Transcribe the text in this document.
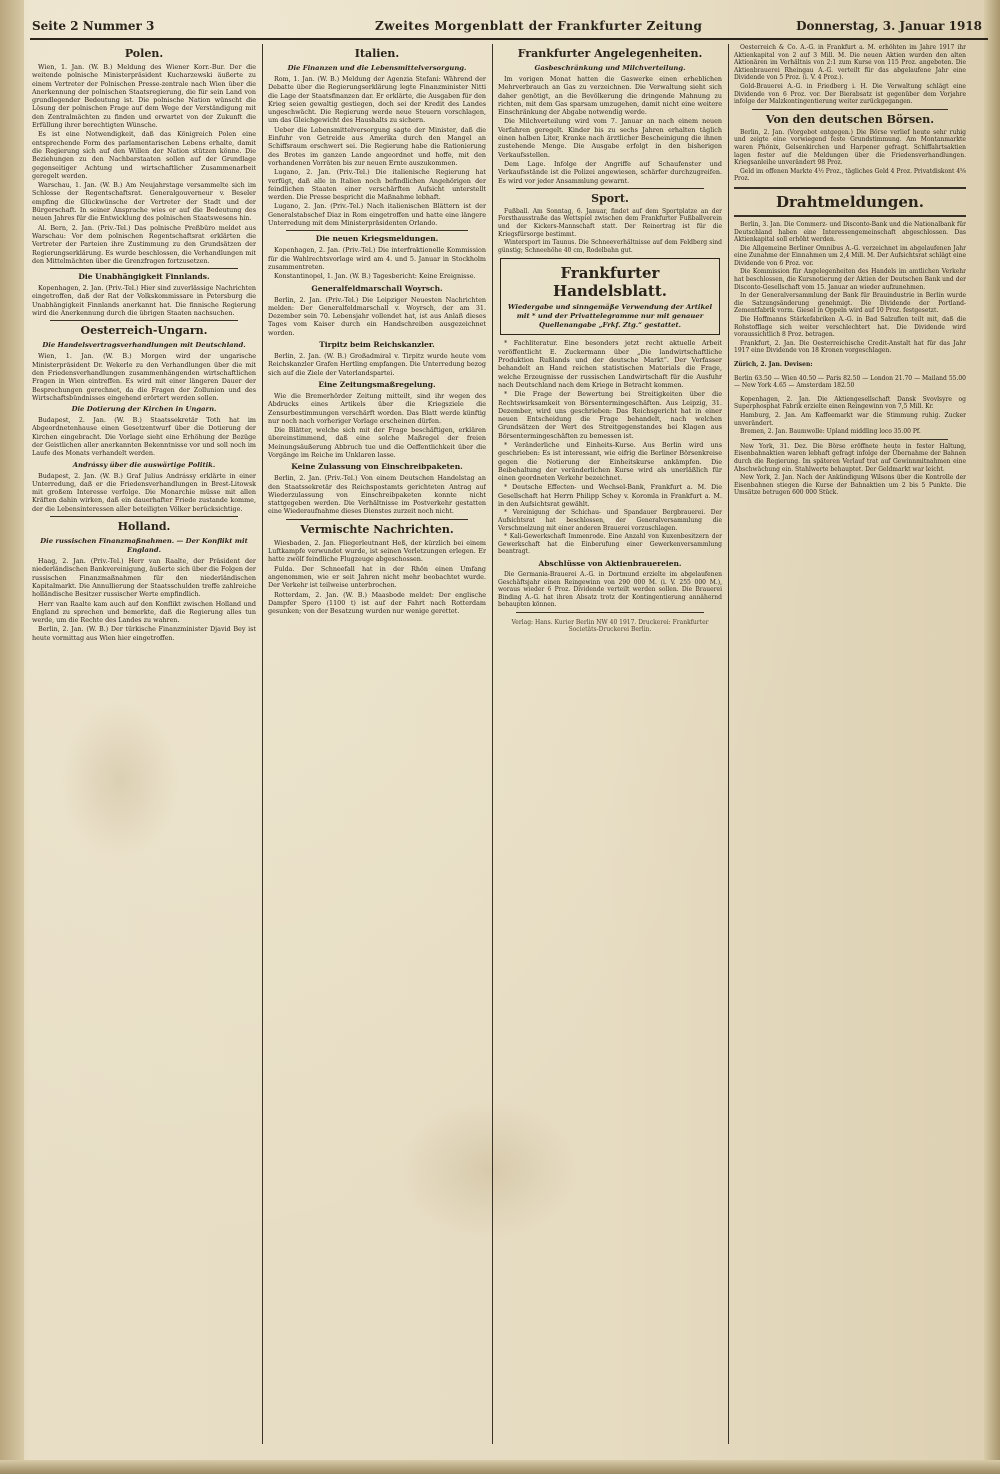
Seite 2 Nummer 3	Zweites Morgenblatt der Frankfurter Zeitung	Donnerstag, 3. Januar 1918
Polen.

Wien, 1. Jan. (W. B.) Meldung des Wiener Korr.-Bur. Der die weitende polnische Ministerpräsident Kucharzewski äußerte zu einem Vertreter der Polnischen Presse-zentrale nach Wien über die Anerkennung der polnischen Staatsregierung, die für sein Land von grundlegender Bedeutung ist. Die polnische Nation wünscht die Lösung der polnischen Frage auf dem Wege der Verständigung mit den Zentralmächten zu finden und erwartet von der Zukunft die Erfüllung ihrer berechtigten Wünsche.

Es ist eine Notwendigkeit, daß das Königreich Polen eine entsprechende Form des parlamentarischen Lebens erhalte, damit die Regierung sich auf den Willen der Nation stützen könne. Die Beziehungen zu den Nachbarstaaten sollen auf der Grundlage gegenseitiger Achtung und wirtschaftlicher Zusammenarbeit geregelt werden.

Warschau, 1. Jan. (W. B.) Am Neujahrstage versammelte sich im Schlosse der Regentschaftsrat. Generalgouverneur v. Beseler empfing die Glückwünsche der Vertreter der Stadt und der Bürgerschaft. In seiner Ansprache wies er auf die Bedeutung des neuen Jahres für die Entwicklung des polnischen Staatswesens hin.

Al. Bern, 2. Jan. (Priv.-Tel.) Das polnische Preßbüro meldet aus Warschau: Vor dem polnischen Regentschaftsrat erklärten die Vertreter der Parteien ihre Zustimmung zu den Grundsätzen der Regierungserklärung. Es wurde beschlossen, die Verhandlungen mit den Mittelmächten über die Grenzfragen fortzusetzen.

Die Unabhängigkeit Finnlands.

Kopenhagen, 2. Jan. (Priv.-Tel.) Hier sind zuverlässige Nachrichten eingetroffen, daß der Rat der Volkskommissare in Petersburg die Unabhängigkeit Finnlands anerkannt hat. Die finnische Regierung wird die Anerkennung durch die übrigen Staaten nachsuchen.

Oesterreich-Ungarn.
Die Handelsvertragsverhandlungen mit Deutschland.

Wien, 1. Jan. (W. B.) Morgen wird der ungarische Ministerpräsident Dr. Wekerle zu den Verhandlungen über die mit den Friedensverhandlungen zusammenhängenden wirtschaftlichen Fragen in Wien eintreffen. Es wird mit einer längeren Dauer der Besprechungen gerechnet, da die Fragen der Zollunion und des Wirtschaftsbündnisses eingehend erörtert werden sollen.

Die Dotierung der Kirchen in Ungarn.

Budapest, 2. Jan. (W. B.) Staatssekretär Toth hat im Abgeordnetenhause einen Gesetzentwurf über die Dotierung der Kirchen eingebracht. Die Vorlage sieht eine Erhöhung der Bezüge der Geistlichen aller anerkannten Bekenntnisse vor und soll noch im Laufe des Monats verhandelt werden.

Andrássy über die auswärtige Politik.

Budapest, 2. Jan. (W. B.) Graf Julius Andrássy erklärte in einer Unterredung, daß er die Friedensverhandlungen in Brest-Litowsk mit großem Interesse verfolge. Die Monarchie müsse mit allen Kräften dahin wirken, daß ein dauerhafter Friede zustande komme, der die Lebensinteressen aller beteiligten Völker berücksichtige.

Holland.
Die russischen Finanzmaßnahmen. — Der Konflikt mit England.

Haag, 2. Jan. (Priv.-Tel.) Herr van Raalte, der Präsident der niederländischen Bankvereinigung, äußerte sich über die Folgen der russischen Finanzmaßnahmen für den niederländischen Kapitalmarkt. Die Annullierung der Staatsschulden treffe zahlreiche holländische Besitzer russischer Werte empfindlich.

Herr van Raalte kam auch auf den Konflikt zwischen Holland und England zu sprechen und bemerkte, daß die Regierung alles tun werde, um die Rechte des Landes zu wahren.

Berlin, 2. Jan. (W. B.) Der türkische Finanzminister Djavid Bey ist heute vormittag aus Wien hier eingetroffen.

Italien.
Die Finanzen und die Lebensmittelversorgung.

Rom, 1. Jan. (W. B.) Meldung der Agenzia Stefani: Während der Debatte über die Regierungserklärung legte Finanzminister Nitti die Lage der Staatsfinanzen dar. Er erklärte, die Ausgaben für den Krieg seien gewaltig gestiegen, doch sei der Kredit des Landes ungeschwächt. Die Regierung werde neue Steuern vorschlagen, um das Gleichgewicht des Haushalts zu sichern.

Ueber die Lebensmittelversorgung sagte der Minister, daß die Einfuhr von Getreide aus Amerika durch den Mangel an Schiffsraum erschwert sei. Die Regierung habe die Rationierung des Brotes im ganzen Lande angeordnet und hoffe, mit den vorhandenen Vorräten bis zur neuen Ernte auszukommen.

Lugano, 2. Jan. (Priv.-Tel.) Die italienische Regierung hat verfügt, daß alle in Italien noch befindlichen Angehörigen der feindlichen Staaten einer verschärften Aufsicht unterstellt werden. Die Presse bespricht die Maßnahme lebhaft.

Lugano, 2. Jan. (Priv.-Tel.) Nach italienischen Blättern ist der Generalstabschef Diaz in Rom eingetroffen und hatte eine längere Unterredung mit dem Ministerpräsidenten Orlando.

Die neuen Kriegsmeldungen.

Kopenhagen, 2. Jan. (Priv.-Tel.) Die interfraktionelle Kommission für die Wahlrechtsvorlage wird am 4. und 5. Januar in Stockholm zusammentreten.

Konstantinopel, 1. Jan. (W. B.) Tagesbericht: Keine Ereignisse.

Generalfeldmarschall Woyrsch.

Berlin, 2. Jan. (Priv.-Tel.) Die Leipziger Neuesten Nachrichten melden: Der Generalfeldmarschall v. Woyrsch, der am 31. Dezember sein 70. Lebensjahr vollendet hat, ist aus Anlaß dieses Tages vom Kaiser durch ein Handschreiben ausgezeichnet worden.

Tirpitz beim Reichskanzler.

Berlin, 2. Jan. (W. B.) Großadmiral v. Tirpitz wurde heute vom Reichskanzler Grafen Hertling empfangen. Die Unterredung bezog sich auf die Ziele der Vaterlandspartei.

Eine Zeitungsmaßregelung.

Wie die Bremerhörder Zeitung mitteilt, sind ihr wegen des Abdrucks eines Artikels über die Kriegsziele die Zensurbestimmungen verschärft worden. Das Blatt werde künftig nur noch nach vorheriger Vorlage erscheinen dürfen.

Die Blätter, welche sich mit der Frage beschäftigen, erklären übereinstimmend, daß eine solche Maßregel der freien Meinungsäußerung Abbruch tue und die Oeffentlichkeit über die Vorgänge im Reiche im Unklaren lasse.

Keine Zulassung von Einschreibpaketen.

Berlin, 2. Jan. (Priv.-Tel.) Von einem Deutschen Handelstag an den Staatssekretär des Reichspostamts gerichteten Antrag auf Wiederzulassung von Einschreibpaketen konnte nicht stattgegeben werden. Die Verhältnisse im Postverkehr gestatten eine Wiederaufnahme dieses Dienstes zurzeit noch nicht.

Vermischte Nachrichten.

Wiesbaden, 2. Jan. Fliegerleutnant Heß, der kürzlich bei einem Luftkampfe verwundet wurde, ist seinen Verletzungen erlegen. Er hatte zwölf feindliche Flugzeuge abgeschossen.

Fulda. Der Schneefall hat in der Rhön einen Umfang angenommen, wie er seit Jahren nicht mehr beobachtet wurde. Der Verkehr ist teilweise unterbrochen.

Rotterdam, 2. Jan. (W. B.) Maasbode meldet: Der englische Dampfer Spero (1100 t) ist auf der Fahrt nach Rotterdam gesunken; von der Besatzung wurden nur wenige gerettet.

Frankfurter Angelegenheiten.
Gasbeschränkung und Milchverteilung.

Im vorigen Monat hatten die Gaswerke einen erheblichen Mehrverbrauch an Gas zu verzeichnen. Die Verwaltung sieht sich daher genötigt, an die Bevölkerung die dringende Mahnung zu richten, mit dem Gas sparsam umzugehen, damit nicht eine weitere Einschränkung der Abgabe notwendig werde.

Die Milchverteilung wird vom 7. Januar an nach einem neuen Verfahren geregelt. Kinder bis zu sechs Jahren erhalten täglich einen halben Liter, Kranke nach ärztlicher Bescheinigung die ihnen zustehende Menge. Die Ausgabe erfolgt in den bisherigen Verkaufsstellen.

Dem Lage. Infolge der Angriffe auf Schaufenster und Verkaufsstände ist die Polizei angewiesen, schärfer durchzugreifen. Es wird vor jeder Ansammlung gewarnt.

Sport.

Fußball. Am Sonntag, 6. Januar, findet auf dem Sportplatze an der Forsthausstraße das Wettspiel zwischen dem Frankfurter Fußballverein und der Kickers-Mannschaft statt. Der Reinertrag ist für die Kriegsfürsorge bestimmt.

Wintersport im Taunus. Die Schneeverhältnisse auf dem Feldberg sind günstig; Schneehöhe 40 cm, Rodelbahn gut.

Frankfurter Handelsblatt.
Wiedergabe und sinngemäße Verwendung der Artikel mit * und der Privattelegramme nur mit genauer Quellenangabe „Frkf. Ztg.“ gestattet.

* Fachliteratur. Eine besonders jetzt recht aktuelle Arbeit veröffentlicht E. Zuckermann über „Die landwirtschaftliche Produktion Rußlands und der deutsche Markt“. Der Verfasser behandelt an Hand reichen statistischen Materials die Frage, welche Erzeugnisse der russischen Landwirtschaft für die Ausfuhr nach Deutschland nach dem Kriege in Betracht kommen.

* Die Frage der Bewertung bei Streitigkeiten über die Rechtswirksamkeit von Börsentermingeschäften. Aus Leipzig, 31. Dezember, wird uns geschrieben: Das Reichsgericht hat in einer neuen Entscheidung die Frage behandelt, nach welchen Grundsätzen der Wert des Streitgegenstandes bei Klagen aus Börsentermingeschäften zu bemessen ist.

* Veränderliche und Einheits-Kurse. Aus Berlin wird uns geschrieben: Es ist interessant, wie eifrig die Berliner Börsenkreise gegen die Notierung der Einheitskurse ankämpfen. Die Beibehaltung der veränderlichen Kurse wird als unerläßlich für einen geordneten Verkehr bezeichnet.

* Deutsche Effecten- und Wechsel-Bank, Frankfurt a. M. Die Gesellschaft hat Herrn Philipp Schey v. Koromla in Frankfurt a. M. in den Aufsichtsrat gewählt.

* Vereinigung der Schichau- und Spandauer Bergbrauerei. Der Aufsichtsrat hat beschlossen, der Generalversammlung die Verschmelzung mit einer anderen Brauerei vorzuschlagen.

* Kali-Gewerkschaft Immenrode. Eine Anzahl von Kuxenbesitzern der Gewerkschaft hat die Einberufung einer Gewerkenversammlung beantragt.

Abschlüsse von Aktienbrauereien.

Die Germania-Brauerei A.-G. in Dortmund erzielte im abgelaufenen Geschäftsjahr einen Reingewinn von 290 000 M. (i. V. 255 000 M.), woraus wieder 6 Proz. Dividende verteilt werden sollen. Die Brauerei Binding A.-G. hat ihren Absatz trotz der Kontingentierung annähernd behaupten können.

Verlag: Hans. Kurier Berlin NW 40 1917. Druckerei: Frankfurter Societäts-Druckerei Berlin.

Oesterreich & Co. A.-G. in Frankfurt a. M. erhöhten im Jahre 1917 ihr Aktienkapital von 2 auf 3 Mill. M. Die neuen Aktien wurden den alten Aktionären im Verhältnis von 2:1 zum Kurse von 115 Proz. angeboten. Die Aktienbrauerei Rheingau A.-G. verteilt für das abgelaufene Jahr eine Dividende von 5 Proz. (i. V. 4 Proz.).

Gold-Brauerei A.-G. in Friedberg i. H. Die Verwaltung schlägt eine Dividende von 6 Proz. vor. Der Bierabsatz ist gegenüber dem Vorjahre infolge der Malzkontingentierung weiter zurückgegangen.

Von den deutschen Börsen.

Berlin, 2. Jan. (Vorgebot entgegen.) Die Börse verlief heute sehr ruhig und zeigte eine vorwiegend feste Grundstimmung. Am Montanmarkte waren Phönix, Gelsenkirchen und Harpener gefragt. Schiffahrtsaktien lagen fester auf die Meldungen über die Friedensverhandlungen. Kriegsanleihe unverändert 98 Proz.

Geld im offenen Markte 4½ Proz., tägliches Geld 4 Proz. Privatdiskont 4⅝ Proz.

Drahtmeldungen.

Berlin, 3. Jan. Die Commerz- und Disconto-Bank und die Nationalbank für Deutschland haben eine Interessengemeinschaft abgeschlossen. Das Aktienkapital soll erhöht werden.

Die Allgemeine Berliner Omnibus A.-G. verzeichnet im abgelaufenen Jahr eine Zunahme der Einnahmen um 2,4 Mill. M. Der Aufsichtsrat schlägt eine Dividende von 6 Proz. vor.

Die Kommission für Angelegenheiten des Handels im amtlichen Verkehr hat beschlossen, die Kursnotierung der Aktien der Deutschen Bank und der Disconto-Gesellschaft vom 15. Januar an wieder aufzunehmen.

In der Generalversammlung der Bank für Brauindustrie in Berlin wurde die Satzungsänderung genehmigt. Die Dividende der Portland-Zementfabrik vorm. Giesel in Oppeln wird auf 10 Proz. festgesetzt.

Die Hoffmanns Stärkefabriken A.-G. in Bad Salzuflen teilt mit, daß die Rohstofflage sich weiter verschlechtert hat. Die Dividende wird voraussichtlich 8 Proz. betragen.

Frankfurt, 2. Jan. Die Oesterreichische Credit-Anstalt hat für das Jahr 1917 eine Dividende von 18 Kronen vorgeschlagen.

Zürich, 2. Jan. Devisen:

Berlin 63.50 — Wien 40.50 — Paris 82.50 — London 21.70 — Mailand 55.00 — New York 4.65 — Amsterdam 182.50

Kopenhagen, 2. Jan. Die Aktiengesellschaft Dansk Svovlsyre og Superphosphat Fabrik erzielte einen Reingewinn von 7,5 Mill. Kr.

Hamburg, 2. Jan. Am Kaffeemarkt war die Stimmung ruhig. Zucker unverändert.

Bremen, 2. Jan. Baumwolle: Upland middling loco 35.00 Pf.

New York, 31. Dez. Die Börse eröffnete heute in fester Haltung, Eisenbahnaktien waren lebhaft gefragt infolge der Übernahme der Bahnen durch die Regierung. Im späteren Verlauf trat auf Gewinnmitnahmen eine Abschwächung ein. Stahlwerte behauptet. Der Geldmarkt war leicht.

New York, 2. Jan. Nach der Ankündigung Wilsons über die Kontrolle der Eisenbahnen stiegen die Kurse der Bahnaktien um 2 bis 5 Punkte. Die Umsätze betrugen 600 000 Stück.
